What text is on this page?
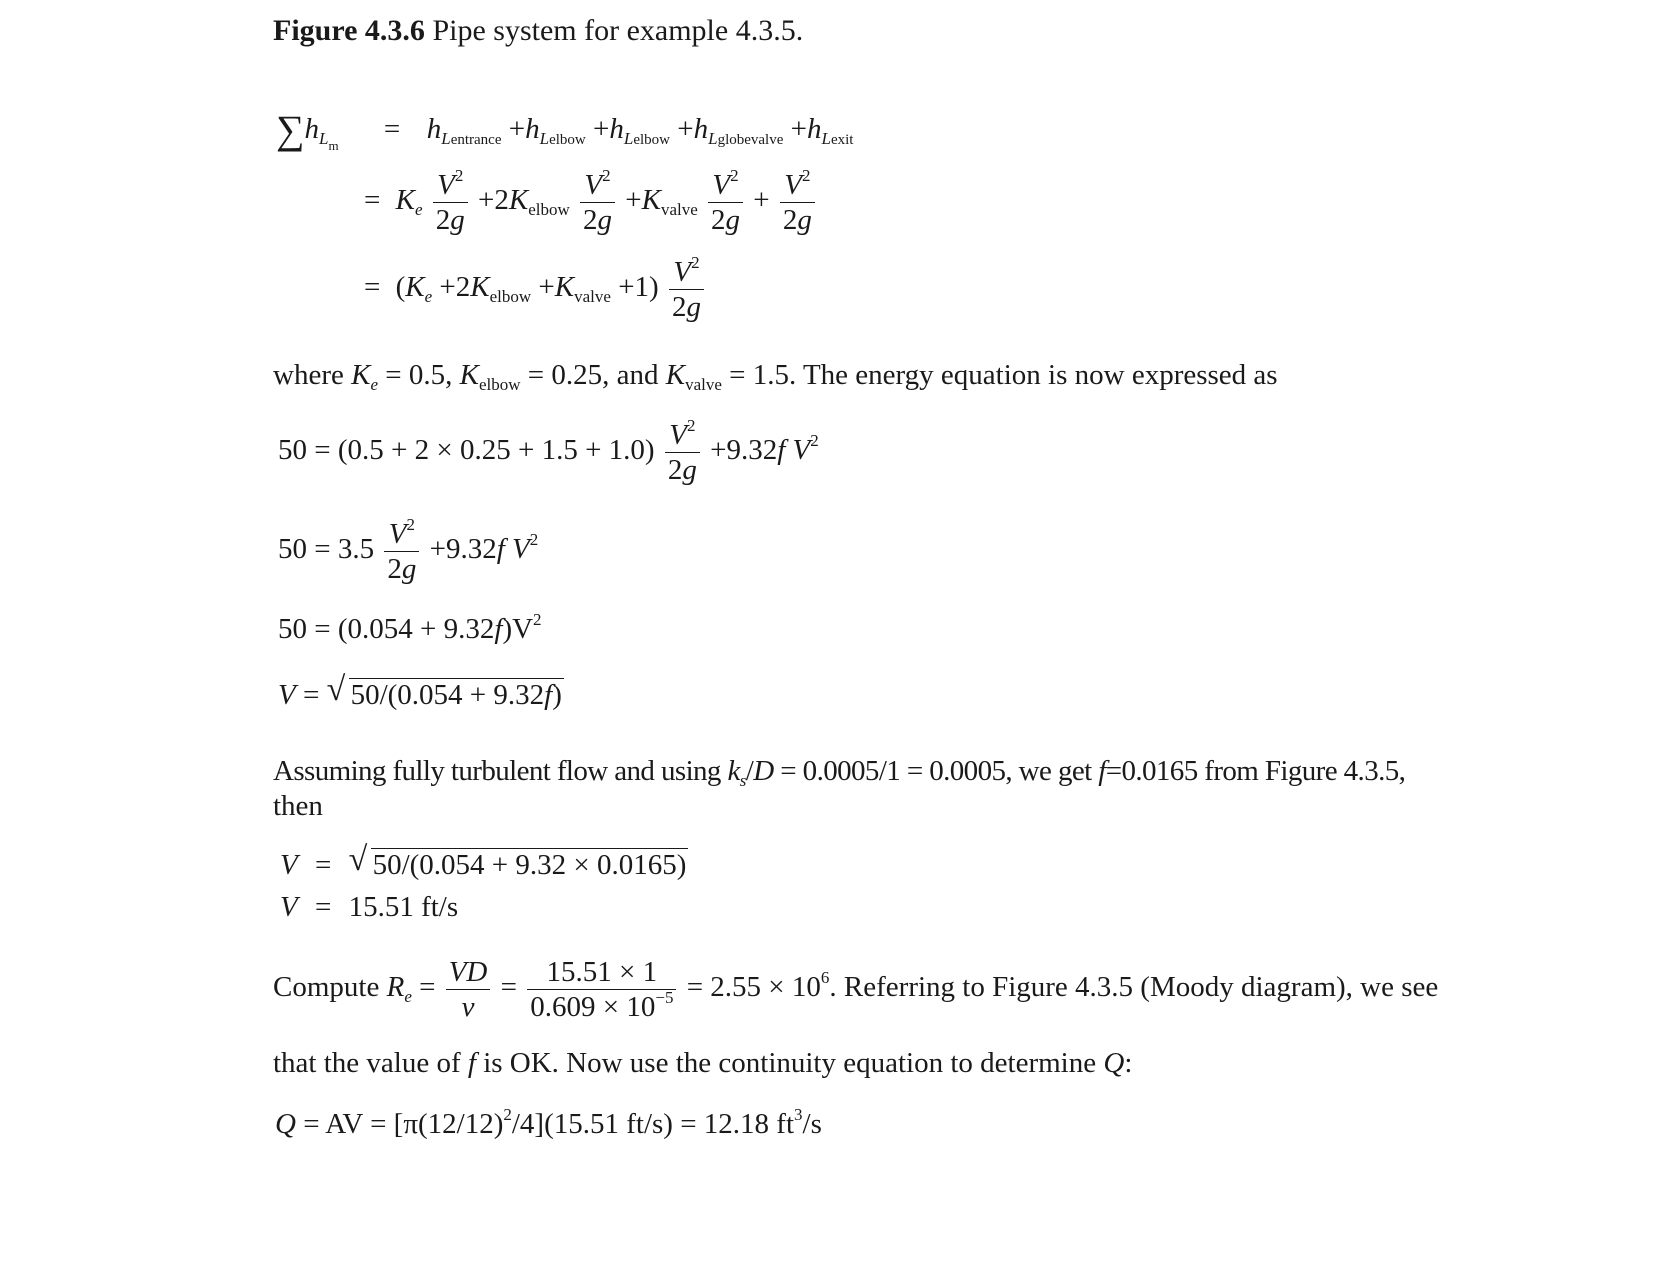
Figure 4.3.6 Pipe system for example 4.3.5.
$\sum h_{L_m} = h_{Lentrance} +h_{Lelbow} +h_{Lelbow} +h_{Lglobevalve} +h_{Lexit}$
= $K_e \frac{V^2}{2g} +2K_{elbow} \frac{V^2}{2g} +K_{valve} \frac{V^2}{2g} + \frac{V^2}{2g}$
= $(K_e +2K_{elbow} +K_{valve} +1) \frac{V^2}{2g}$
where $K_e = 0.5$, $K_{elbow} = 0.25$, and $K_{valve} = 1.5$. The energy equation is now expressed as
$50 = (0.5 + 2 \times 0.25 + 1.5 + 1.0) \frac{V^2}{2g} +9.32f$ $V^2$
$50 = 3.5 \frac{V^2}{2g} +9.32f$ $V^2$
$50 = (0.054 + 9.32f)V^2$
V = √ 50/(0.054 + 9.32f)
Assuming fully turbulent flow and using $k_s/D = 0.0005/1 = 0.0005$, we get f=0.0165 from Figure 4.3.5,
then
V = √ 50/(0.054 + 9.32 × 0.0165)
V = 15.51 ft/s
Compute $R_e = \frac{VD}{\nu} = \frac{15.51 \times 1}{0.609 \times 10^{-5}} = 2.55 \times 10^6$. Referring to Figure 4.3.5 (Moody diagram), we see
that the value of f is OK. Now use the continuity equation to determine Q:
Q = AV = $[\pi(12/12)^2/4](15.51$ ft/s) = 12.18 $ft^3/s$
